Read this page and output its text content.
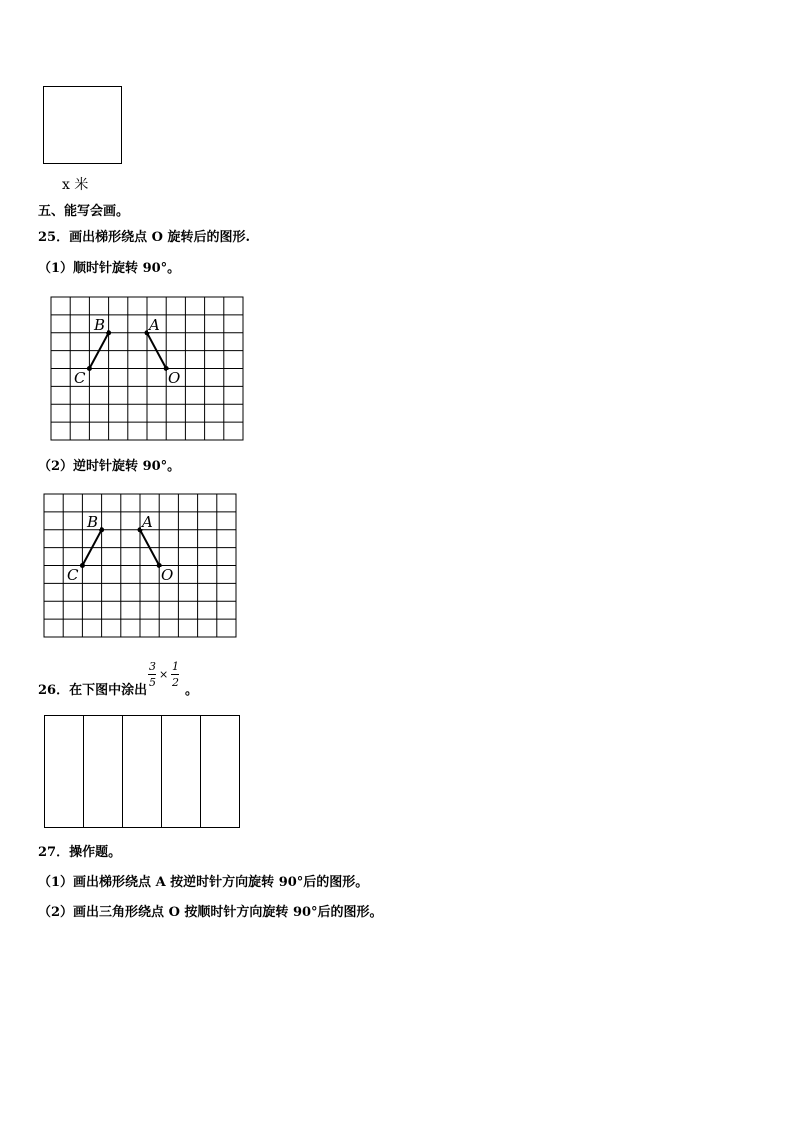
x 米
五、能写会画。
25．画出梯形绕点 O 旋转后的图形.
（1）顺时针旋转 90°。
B	A
C	O
（2）逆时针旋转 90°。
B	A
C	O
26．在下图中涂出
3
5
×
1
2
。
27．操作题。
（1）画出梯形绕点 A 按逆时针方向旋转 90°后的图形。
（2）画出三角形绕点 O 按顺时针方向旋转 90°后的图形。
